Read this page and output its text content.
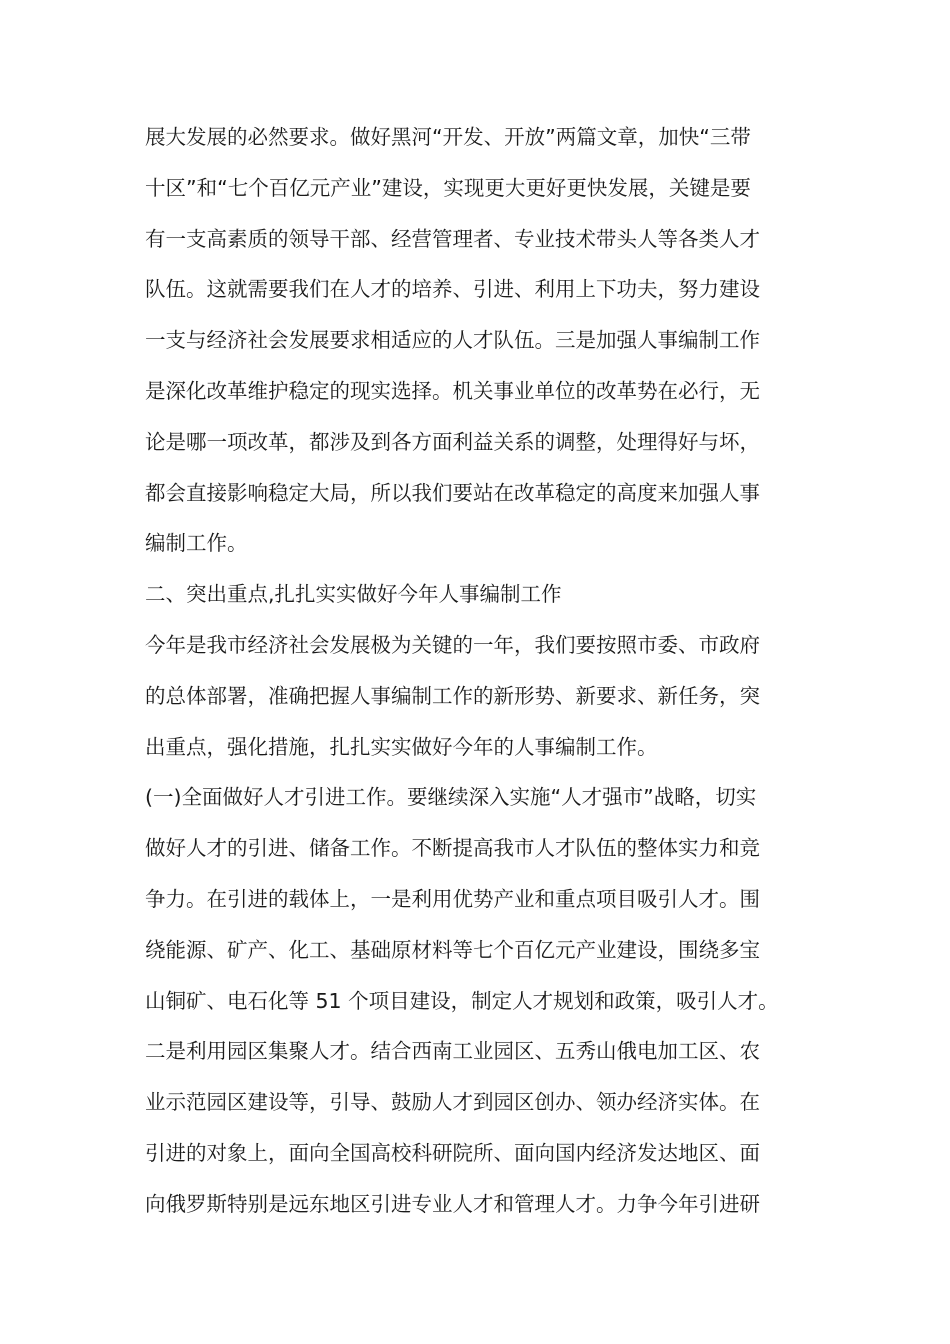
展大发展的必然要求。做好黑河“开发、开放”两篇文章，加快“三带
十区”和“七个百亿元产业”建设，实现更大更好更快发展，关键是要
有一支高素质的领导干部、经营管理者、专业技术带头人等各类人才
队伍。这就需要我们在人才的培养、引进、利用上下功夫，努力建设
一支与经济社会发展要求相适应的人才队伍。三是加强人事编制工作
是深化改革维护稳定的现实选择。机关事业单位的改革势在必行，无
论是哪一项改革，都涉及到各方面利益关系的调整，处理得好与坏，
都会直接影响稳定大局，所以我们要站在改革稳定的高度来加强人事
编制工作。
二、突出重点,扎扎实实做好今年人事编制工作
今年是我市经济社会发展极为关键的一年，我们要按照市委、市政府
的总体部署，准确把握人事编制工作的新形势、新要求、新任务，突
出重点，强化措施，扎扎实实做好今年的人事编制工作。
(一)全面做好人才引进工作。要继续深入实施“人才强市”战略，切实
做好人才的引进、储备工作。不断提高我市人才队伍的整体实力和竞
争力。在引进的载体上，一是利用优势产业和重点项目吸引人才。围
绕能源、矿产、化工、基础原材料等七个百亿元产业建设，围绕多宝
山铜矿、电石化等 51 个项目建设，制定人才规划和政策，吸引人才。
二是利用园区集聚人才。结合西南工业园区、五秀山俄电加工区、农
业示范园区建设等，引导、鼓励人才到园区创办、领办经济实体。在
引进的对象上，面向全国高校科研院所、面向国内经济发达地区、面
向俄罗斯特别是远东地区引进专业人才和管理人才。力争今年引进研
